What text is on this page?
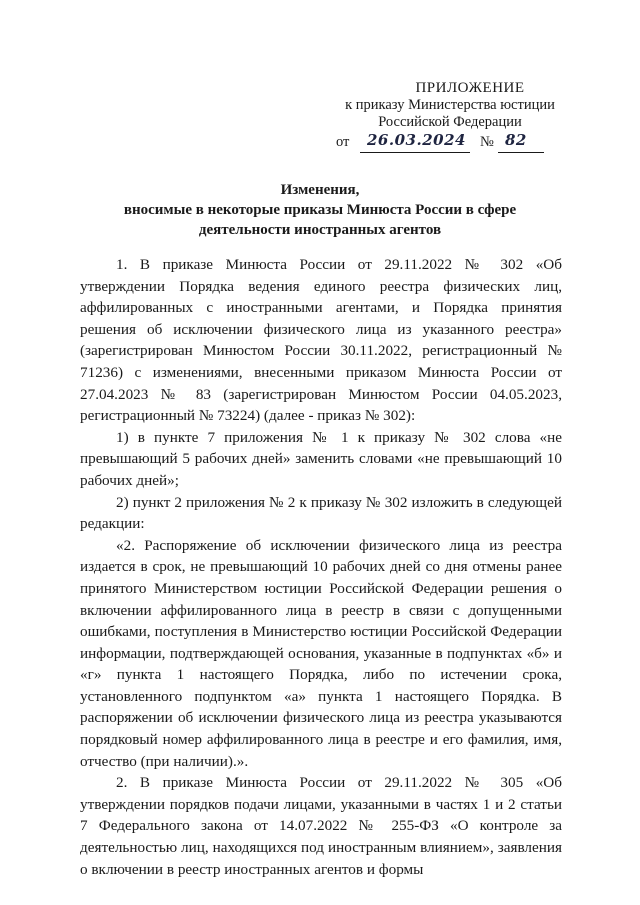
ПРИЛОЖЕНИЕ
к приказу Министерства юстиции
Российской Федерации
от 26.03.2024 № 82
Изменения,
вносимые в некоторые приказы Минюста России в сфере
деятельности иностранных агентов

1. В приказе Минюста России от 29.11.2022 № 302 «Об утверждении Порядка ведения единого реестра физических лиц, аффилированных с иностранными агентами, и Порядка принятия решения об исключении физического лица из указанного реестра» (зарегистрирован Минюстом России 30.11.2022, регистрационный № 71236) с изменениями, внесенными приказом Минюста России от 27.04.2023 № 83 (зарегистрирован Минюстом России 04.05.2023, регистрационный № 73224) (далее - приказ № 302):

1) в пункте 7 приложения № 1 к приказу № 302 слова «не превышающий 5 рабочих дней» заменить словами «не превышающий 10 рабочих дней»;

2) пункт 2 приложения № 2 к приказу № 302 изложить в следующей редакции:

«2. Распоряжение об исключении физического лица из реестра издается в срок, не превышающий 10 рабочих дней со дня отмены ранее принятого Министерством юстиции Российской Федерации решения о включении аффилированного лица в реестр в связи с допущенными ошибками, поступления в Министерство юстиции Российской Федерации информации, подтверждающей основания, указанные в подпунктах «б» и «г» пункта 1 настоящего Порядка, либо по истечении срока, установленного подпунктом «а» пункта 1 настоящего Порядка. В распоряжении об исключении физического лица из реестра указываются порядковый номер аффилированного лица в реестре и его фамилия, имя, отчество (при наличии).».

2. В приказе Минюста России от 29.11.2022 № 305 «Об утверждении порядков подачи лицами, указанными в частях 1 и 2 статьи 7 Федерального закона от 14.07.2022 № 255-ФЗ «О контроле за деятельностью лиц, находящихся под иностранным влиянием», заявления о включении в реестр иностранных агентов и формы
